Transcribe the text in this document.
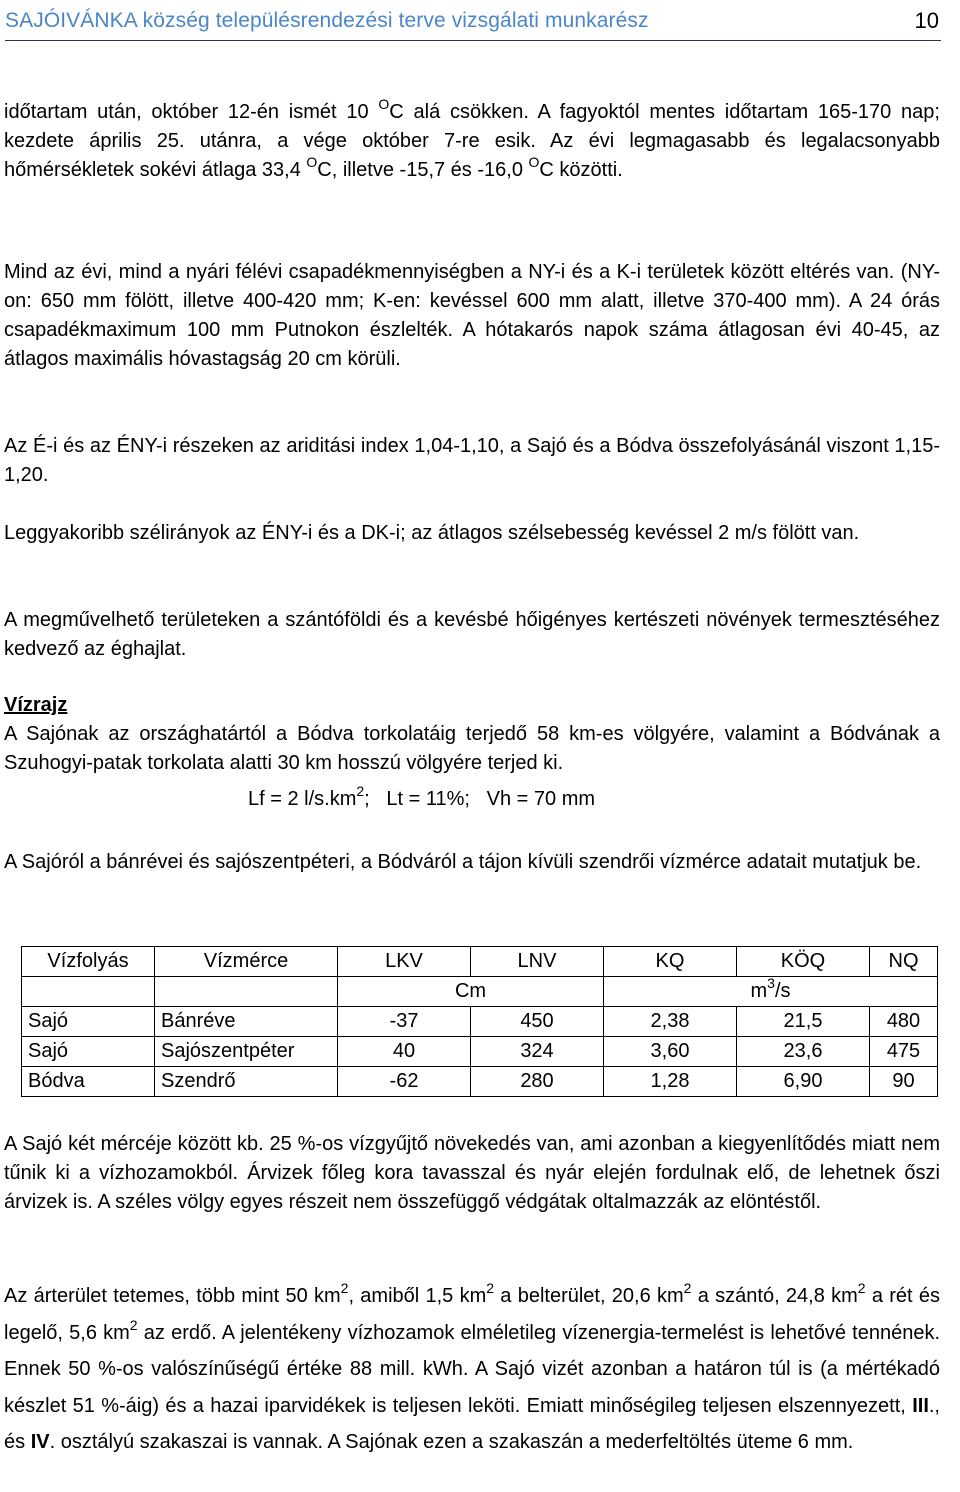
SAJÓIVÁNKA község településrendezési terve vizsgálati munkarész	10

időtartam után, október 12-én ismét 10 $^O$C alá csökken. A fagyoktól mentes időtartam 165-170 nap; kezdete április 25. utánra, a vége október 7-re esik. Az évi legmagasabb és legalacsonyabb hőmérsékletek sokévi átlaga 33,4 $^O$C, illetve -15,7 és -16,0 $^O$C közötti.

Mind az évi, mind a nyári félévi csapadékmennyiségben a NY-i és a K-i területek között eltérés van. (NY-on: 650 mm fölött, illetve 400-420 mm; K-en: kevéssel 600 mm alatt, illetve 370-400 mm). A 24 órás csapadékmaximum 100 mm Putnokon észlelték. A hótakarós napok száma átlagosan évi 40-45, az átlagos maximális hóvastagság 20 cm körüli.

Az É-i és az ÉNY-i részeken az ariditási index 1,04-1,10, a Sajó és a Bódva összefolyásánál viszont 1,15-1,20.

Leggyakoribb szélirányok az ÉNY-i és a DK-i; az átlagos szélsebesség kevéssel 2 m/s fölött van.

A megművelhető területeken a szántóföldi és a kevésbé hőigényes kertészeti növények termesztéséhez kedvező az éghajlat.

Vízrajz

A Sajónak az országhatártól a Bódva torkolatáig terjedő 58 km-es völgyére, valamint a Bódvának a Szuhogyi-patak torkolata alatti 30 km hosszú völgyére terjed ki.

Lf = 2 $l/s.km^2$;   Lt = 11%;   Vh = 70 mm

A Sajóról a bánrévei és sajószentpéteri, a Bódváról a tájon kívüli szendrői vízmérce adatait mutatjuk be.

Vízfolyás	Vízmérce	LKV	LNV	KQ	KÖQ	NQ
		Cm		$m^3/s$		
Sajó	Bánréve	-37	450	2,38	21,5	480
Sajó	Sajószentpéter	40	324	3,60	23,6	475
Bódva	Szendrő	-62	280	1,28	6,90	90

A Sajó két mércéje között kb. 25 %-os vízgyűjtő növekedés van, ami azonban a kiegyenlítődés miatt nem tűnik ki a vízhozamokból. Árvizek főleg kora tavasszal és nyár elején fordulnak elő, de lehetnek őszi árvizek is. A széles völgy egyes részeit nem összefüggő védgátak oltalmazzák az elöntéstől.

Az árterület tetemes, több mint 50 $km^2$, amiből 1,5 $km^2$ a belterület, 20,6 $km^2$ a szántó, 24,8 $km^2$ a rét és legelő, 5,6 $km^2$ az erdő. A jelentékeny vízhozamok elméletileg vízenergia-termelést is lehetővé tennének. Ennek 50 %-os valószínűségű értéke 88 mill. kWh. A Sajó vizét azonban a határon túl is (a mértékadó készlet 51 %-áig) és a hazai iparvidékek is teljesen leköti. Emiatt minőségileg teljesen elszennyezett, III., és IV. osztályú szakaszai is vannak. A Sajónak ezen a szakaszán a mederfeltöltés üteme 6 mm.
